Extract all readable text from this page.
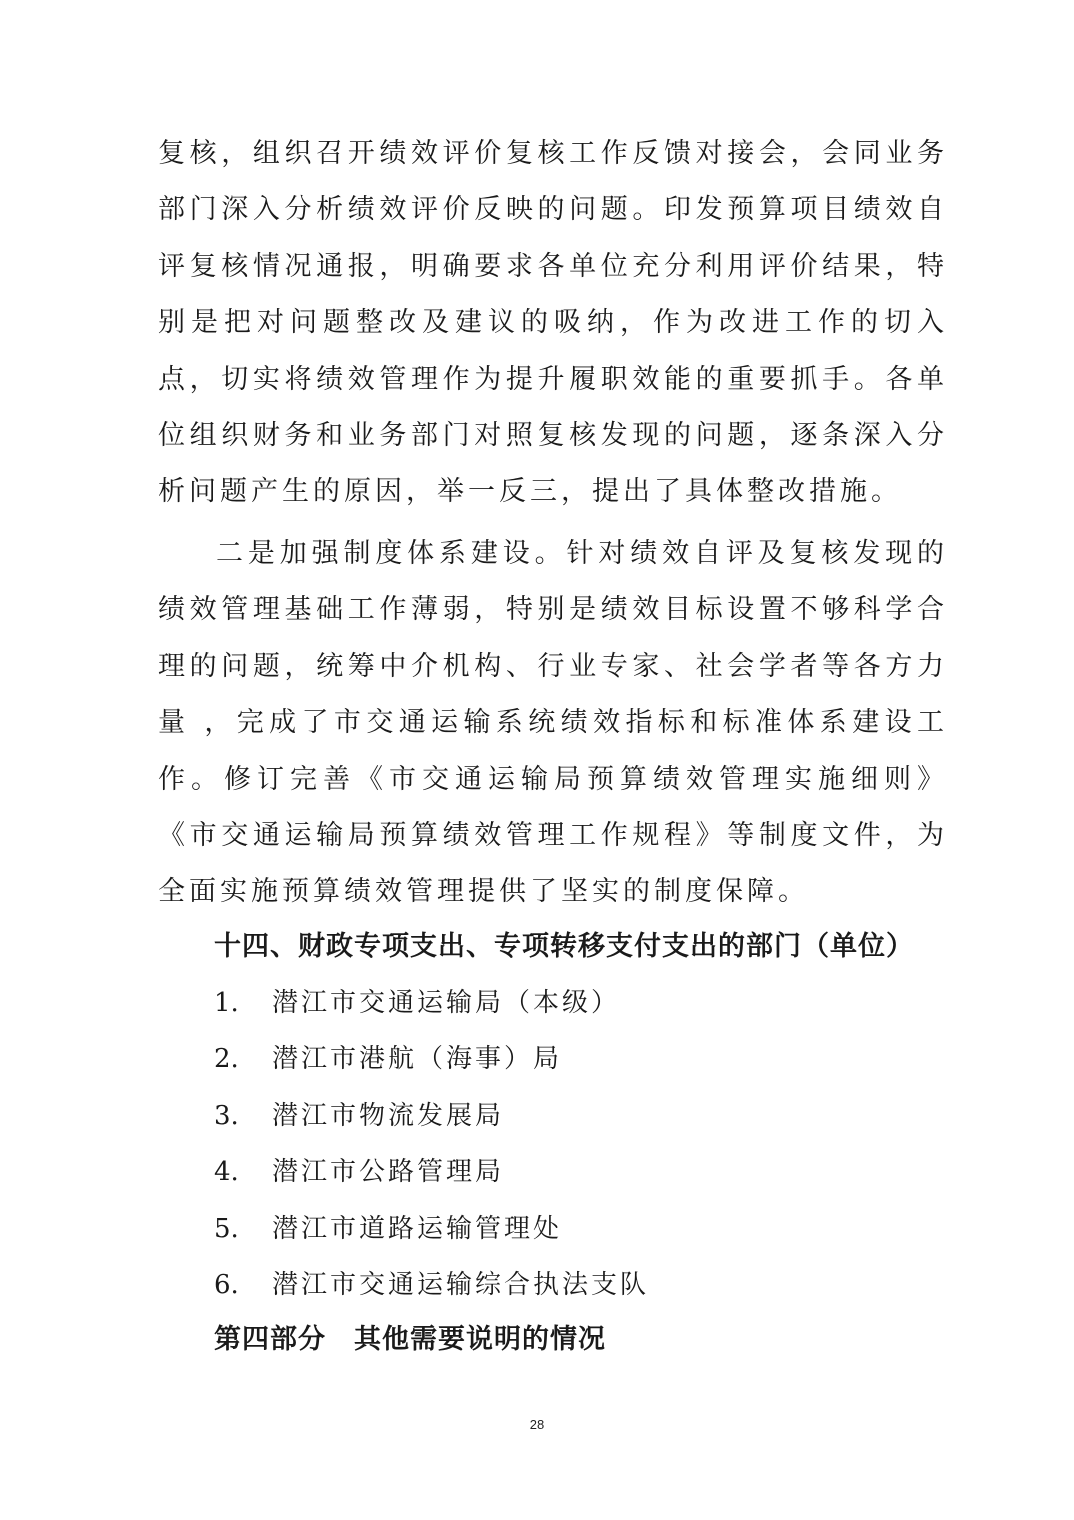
复核，组织召开绩效评价复核工作反馈对接会，会同业务部门深入分析绩效评价反映的问题。印发预算项目绩效自评复核情况通报，明确要求各单位充分利用评价结果，特别是把对问题整改及建议的吸纳，作为改进工作的切入点，切实将绩效管理作为提升履职效能的重要抓手。各单位组织财务和业务部门对照复核发现的问题，逐条深入分析问题产生的原因，举一反三，提出了具体整改措施。

二是加强制度体系建设。针对绩效自评及复核发现的绩效管理基础工作薄弱，特别是绩效目标设置不够科学合理的问题，统筹中介机构、行业专家、社会学者等各方力量 ，完成了市交通运输系统绩效指标和标准体系建设工作。修订完善《市交通运输局预算绩效管理实施细则》《市交通运输局预算绩效管理工作规程》等制度文件，为全面实施预算绩效管理提供了坚实的制度保障。

十四、财政专项支出、专项转移支付支出的部门（单位）
1. 潜江市交通运输局（本级）
2. 潜江市港航（海事）局
3. 潜江市物流发展局
4. 潜江市公路管理局
5. 潜江市道路运输管理处
6. 潜江市交通运输综合执法支队
第四部分　其他需要说明的情况
28
